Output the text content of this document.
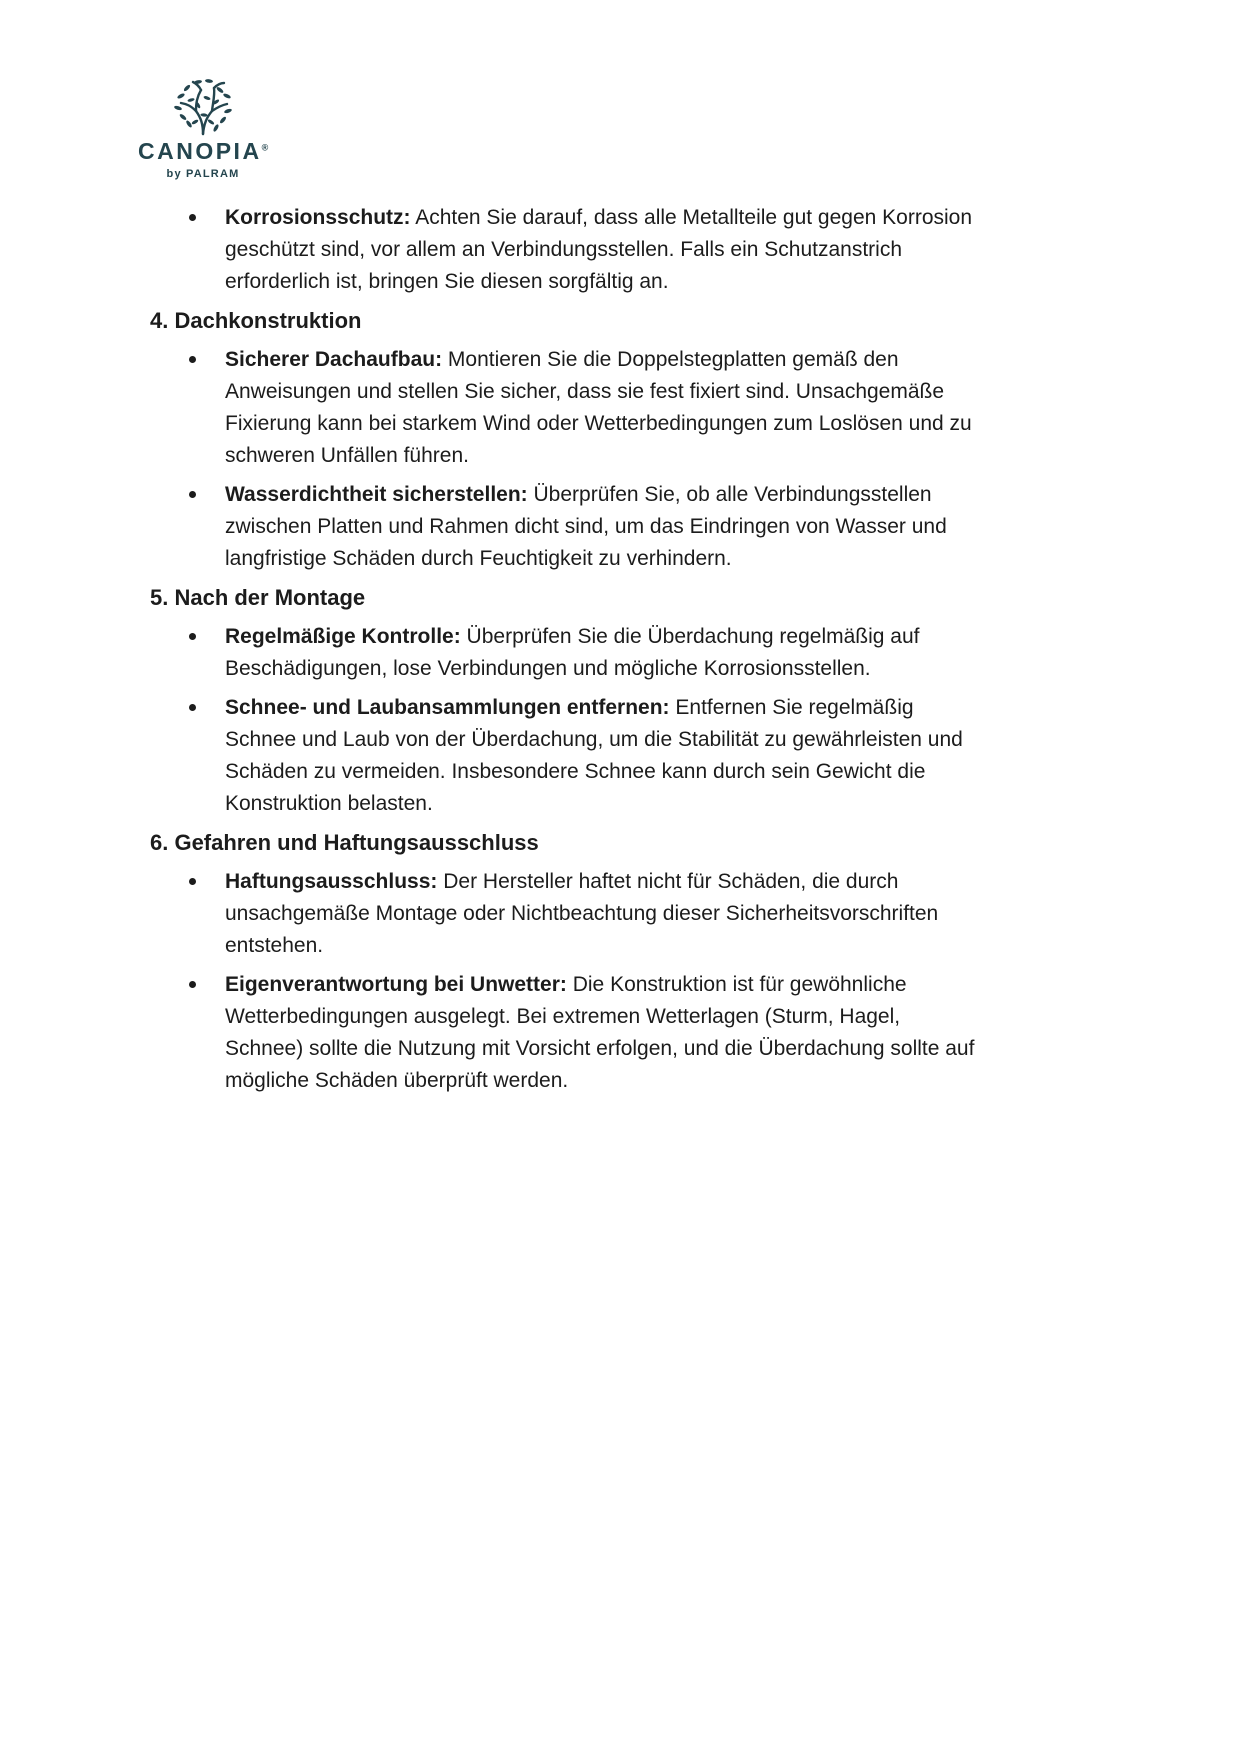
CANOPIA®
by PALRAM
Korrosionsschutz: Achten Sie darauf, dass alle Metallteile gut gegen Korrosion geschützt sind, vor allem an Verbindungsstellen. Falls ein Schutzanstrich erforderlich ist, bringen Sie diesen sorgfältig an.
4. Dachkonstruktion
Sicherer Dachaufbau: Montieren Sie die Doppelstegplatten gemäß den Anweisungen und stellen Sie sicher, dass sie fest fixiert sind. Unsachgemäße Fixierung kann bei starkem Wind oder Wetterbedingungen zum Loslösen und zu schweren Unfällen führen.
Wasserdichtheit sicherstellen: Überprüfen Sie, ob alle Verbindungsstellen zwischen Platten und Rahmen dicht sind, um das Eindringen von Wasser und langfristige Schäden durch Feuchtigkeit zu verhindern.
5. Nach der Montage
Regelmäßige Kontrolle: Überprüfen Sie die Überdachung regelmäßig auf Beschädigungen, lose Verbindungen und mögliche Korrosionsstellen.
Schnee- und Laubansammlungen entfernen: Entfernen Sie regelmäßig Schnee und Laub von der Überdachung, um die Stabilität zu gewährleisten und Schäden zu vermeiden. Insbesondere Schnee kann durch sein Gewicht die Konstruktion belasten.
6. Gefahren und Haftungsausschluss
Haftungsausschluss: Der Hersteller haftet nicht für Schäden, die durch unsachgemäße Montage oder Nichtbeachtung dieser Sicherheitsvorschriften entstehen.
Eigenverantwortung bei Unwetter: Die Konstruktion ist für gewöhnliche Wetterbedingungen ausgelegt. Bei extremen Wetterlagen (Sturm, Hagel, Schnee) sollte die Nutzung mit Vorsicht erfolgen, und die Überdachung sollte auf mögliche Schäden überprüft werden.
